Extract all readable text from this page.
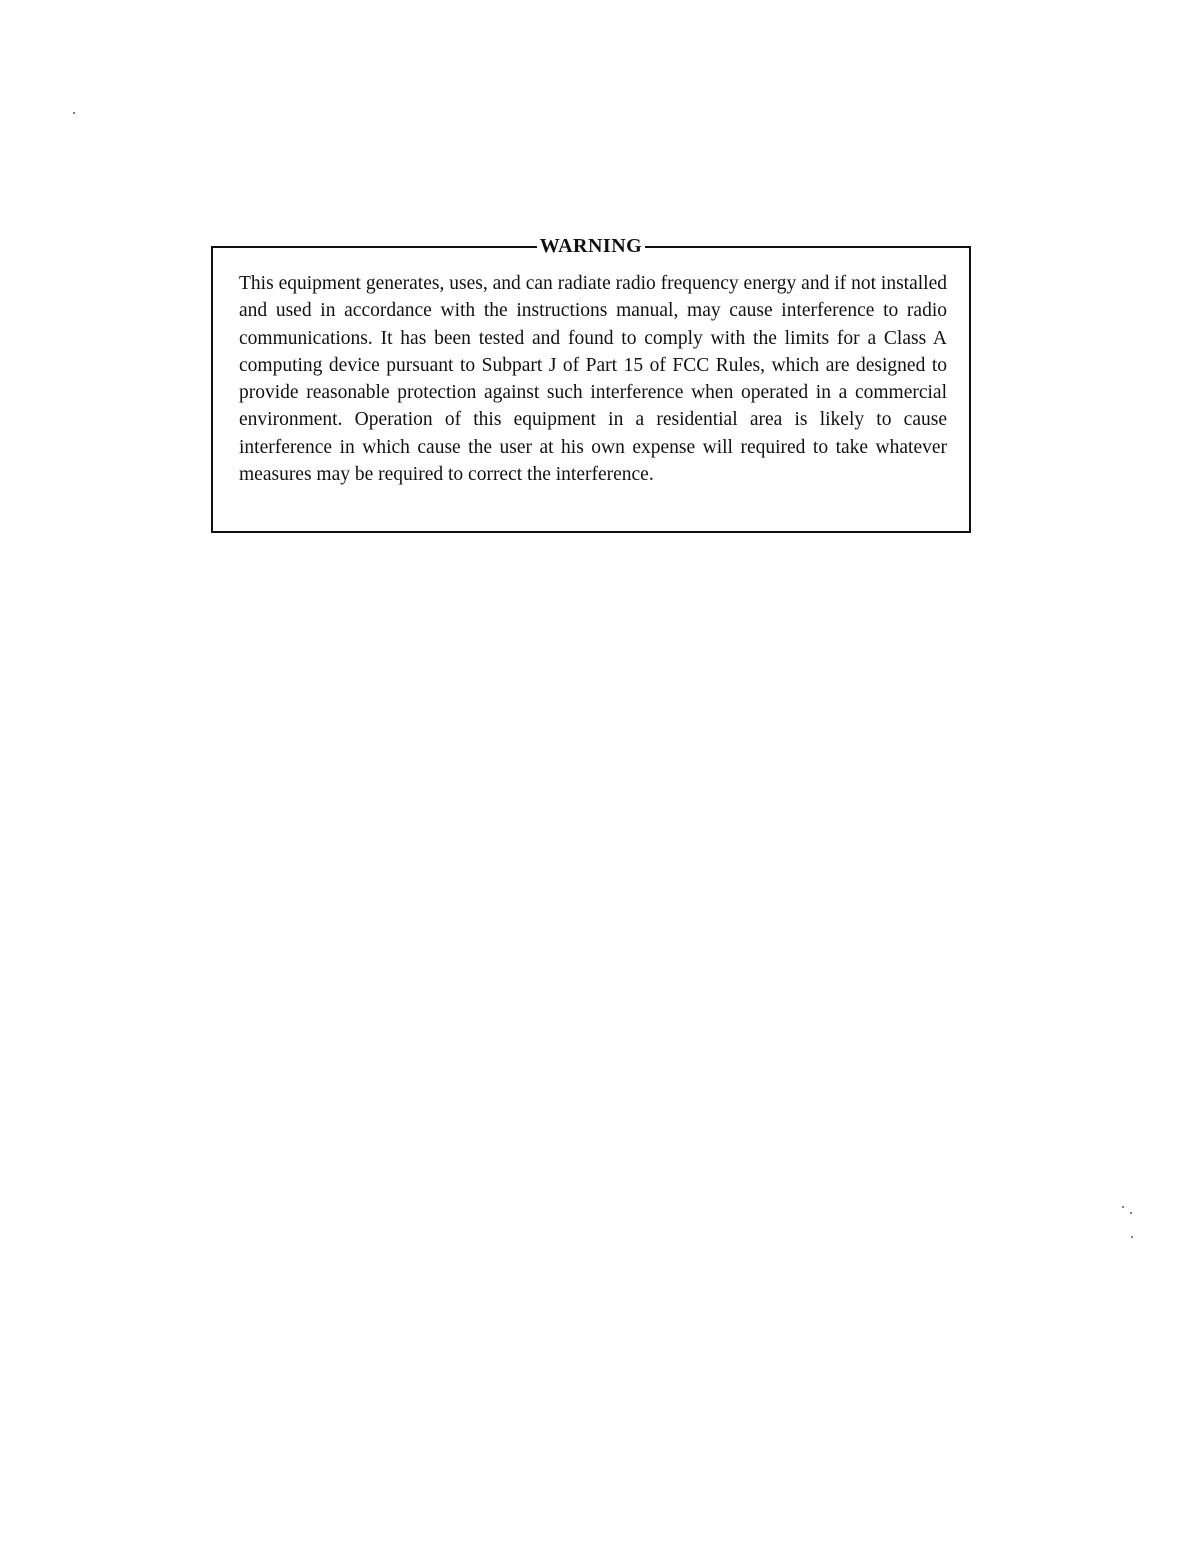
WARNING

This equipment generates, uses, and can radiate radio frequency energy and if not installed and used in accordance with the instructions manual, may cause interference to radio communications. It has been tested and found to comply with the limits for a Class A computing device pursuant to Subpart J of Part 15 of FCC Rules, which are designed to provide reasonable protection against such interference when operated in a commercial environment. Operation of this equipment in a residential area is likely to cause interference in which cause the user at his own expense will required to take whatever measures may be required to correct the interference.
